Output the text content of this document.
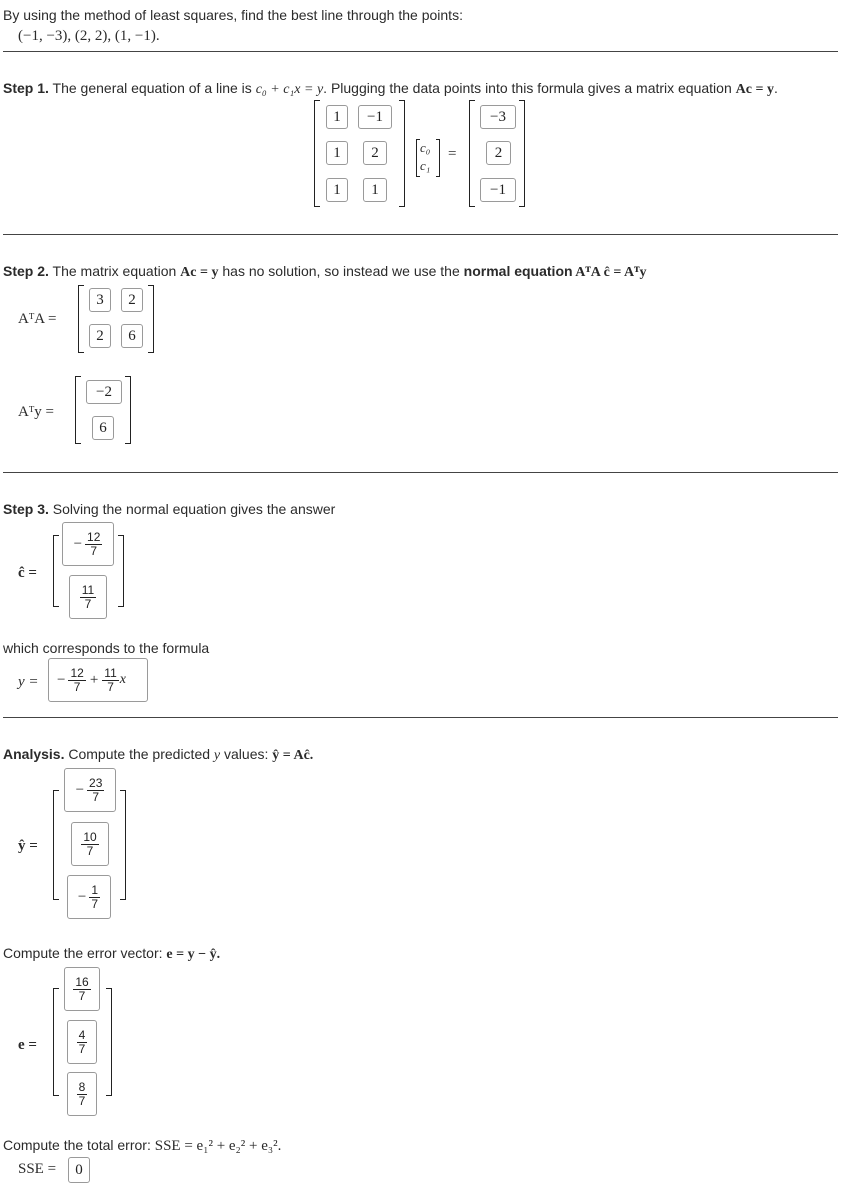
By using the method of least squares, find the best line through the points:
(−1, −3), (2, 2), (1, −1).
Step 1. The general equation of a line is c₀ + c₁x = y. Plugging the data points into this formula gives a matrix equation Ac = y.
1	−1
1	2
1	1
c₀
c₁
=
−3
2
−1
Step 2. The matrix equation Ac = y has no solution, so instead we use the normal equation AᵀA ĉ = Aᵀy
AᵀA =
3	2
2	6
Aᵀy =
−2
6
Step 3. Solving the normal equation gives the answer
ĉ =
− $\frac{12}{7}$
$\frac{11}{7}$
which corresponds to the formula
y = − $\frac{12}{7} + \frac{11}{7}$ x
Analysis. Compute the predicted y values: ŷ = Aĉ.
ŷ =
− $\frac{23}{7}$
$\frac{10}{7}$
− $\frac{1}{7}$
Compute the error vector: e = y − ŷ.
e =
$\frac{16}{7}$
$\frac{4}{7}$
$\frac{8}{7}$
Compute the total error: SSE = e₁² + e₂² + e₃².
SSE =	0
